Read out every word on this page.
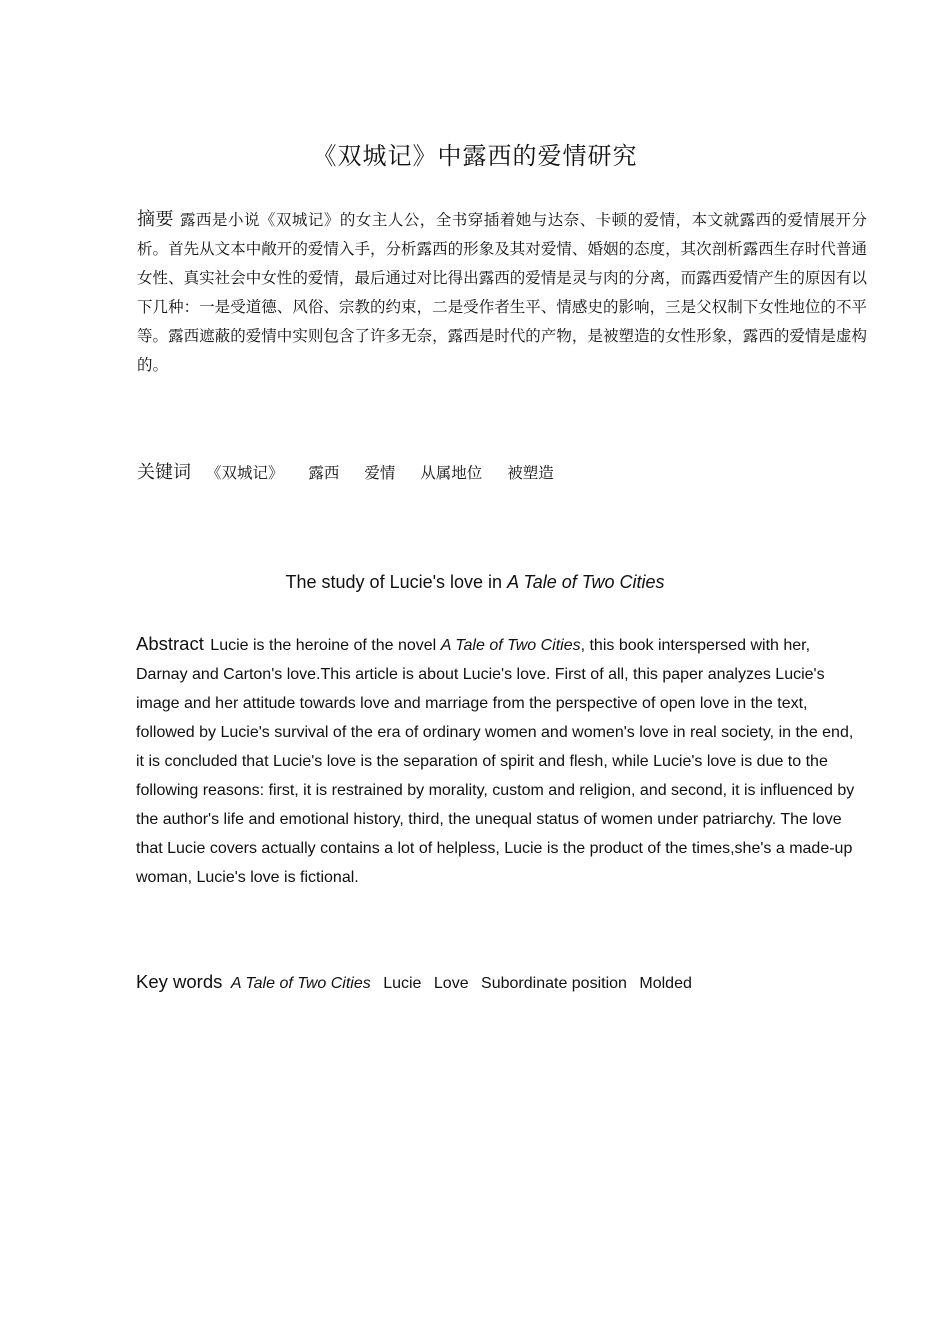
《双城记》中露西的爱情研究
摘要 露西是小说《双城记》的女主人公，全书穿插着她与达奈、卡顿的爱情，本文就露西的爱情展开分析。首先从文本中敞开的爱情入手，分析露西的形象及其对爱情、婚姻的态度，其次剖析露西生存时代普通女性、真实社会中女性的爱情，最后通过对比得出露西的爱情是灵与肉的分离，而露西爱情产生的原因有以下几种：一是受道德、风俗、宗教的约束，二是受作者生平、情感史的影响，三是父权制下女性地位的不平等。露西遮蔽的爱情中实则包含了许多无奈，露西是时代的产物，是被塑造的女性形象，露西的爱情是虚构的。
关键词 《双城记》 露西 爱情 从属地位 被塑造
The study of Lucie's love in A Tale of Two Cities
Abstract Lucie is the heroine of the novel A Tale of Two Cities, this book interspersed with her, Darnay and Carton's love.This article is about Lucie's love. First of all, this paper analyzes Lucie's image and her attitude towards love and marriage from the perspective of open love in the text, followed by Lucie's survival of the era of ordinary women and women's love in real society, in the end, it is concluded that Lucie's love is the separation of spirit and flesh, while Lucie's love is due to the following reasons: first, it is restrained by morality, custom and religion, and second, it is influenced by the author's life and emotional history, third, the unequal status of women under patriarchy. The love that Lucie covers actually contains a lot of helpless, Lucie is the product of the times,she's a made-up woman, Lucie's love is fictional.
Key words A Tale of Two Cities Lucie Love Subordinate position Molded
